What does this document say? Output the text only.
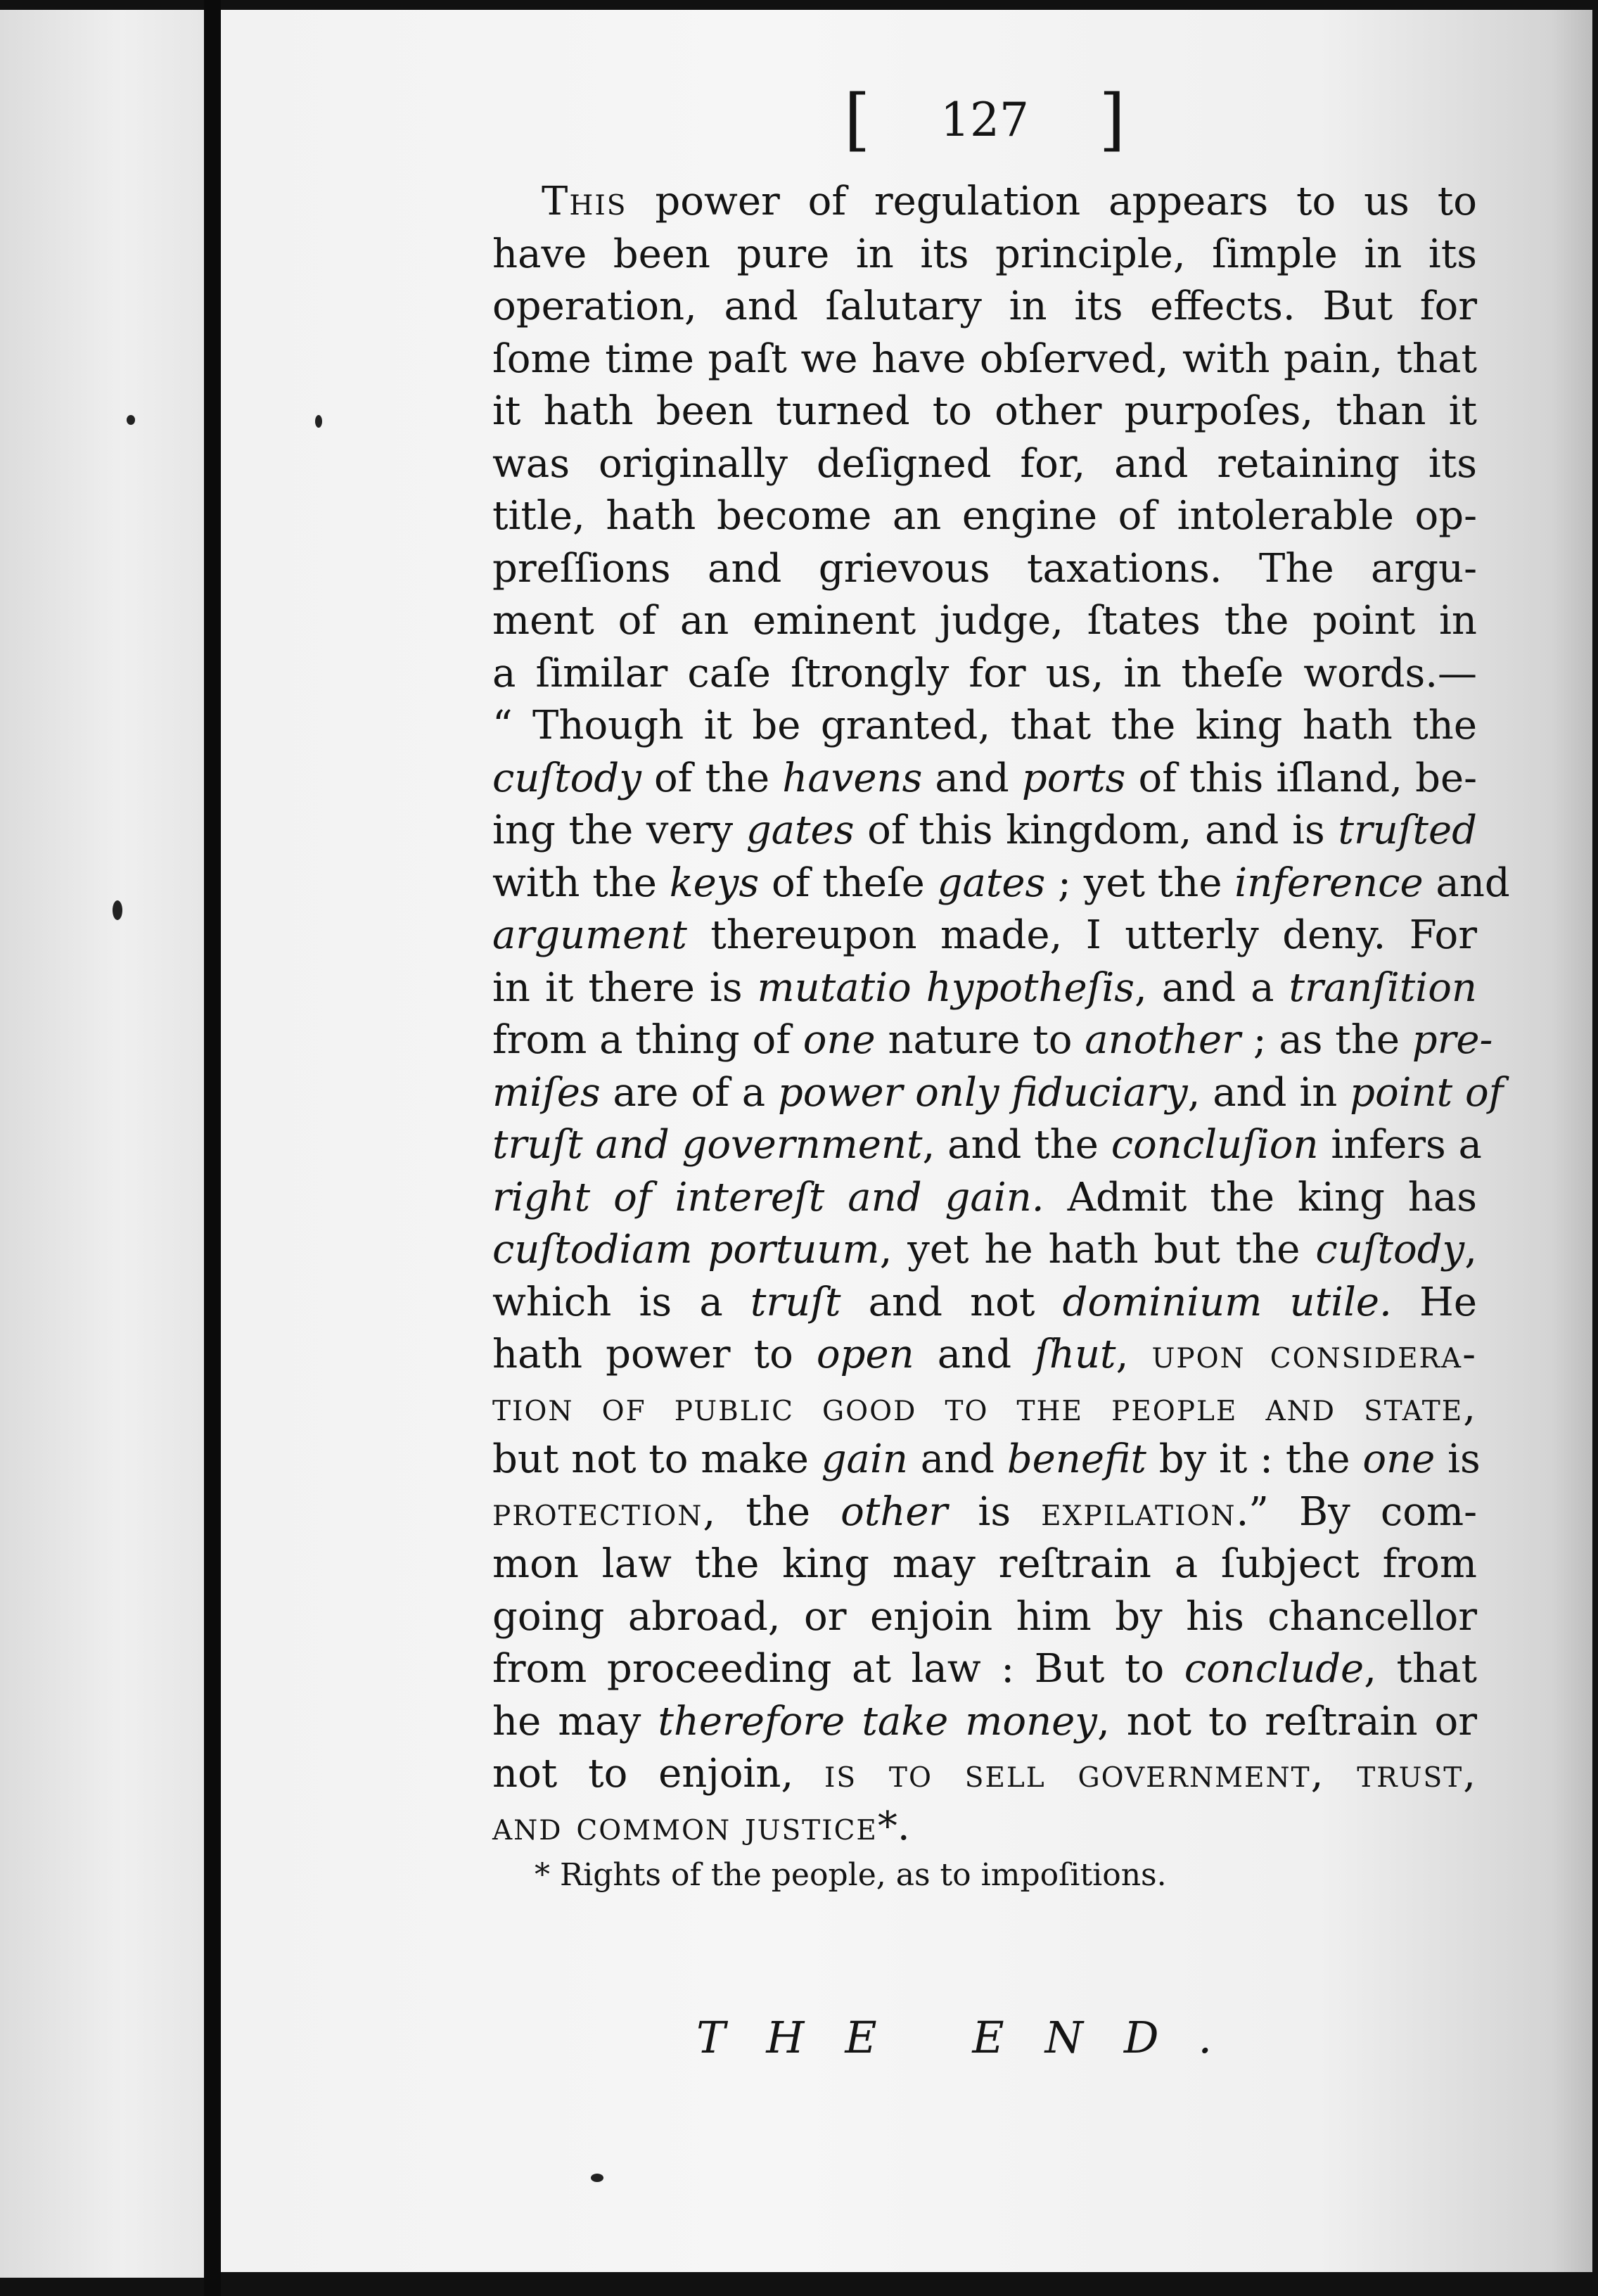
[ 127 ]
This power of regulation appears to us to
have been pure in its principle, ſimple in its
operation, and ſalutary in its effects. But for
ſome time paſt we have obſerved, with pain, that
it hath been turned to other purpoſes, than it
was originally deſigned for, and retaining its
title, hath become an engine of intolerable op-
preſſions and grievous taxations. The argu-
ment of an eminent judge, ſtates the point in
a ſimilar caſe ſtrongly for us, in theſe words.—
“ Though it be granted, that the king hath the
cuſtody of the havens and ports of this iſland, be-
ing the very gates of this kingdom, and is truſted
with the keys of theſe gates ; yet the inference and
argument thereupon made, I utterly deny. For
in it there is mutatio hypotheſis, and a tranſition
from a thing of one nature to another ; as the pre-
miſes are of a power only fiduciary, and in point of
truſt and government, and the concluſion infers a
right of intereſt and gain. Admit the king has
cuſtodiam portuum, yet he hath but the cuſtody,
which is a truſt and not dominium utile. He
hath power to open and ſhut, upon considera-
tion of public good to the people and state,
but not to make gain and benefit by it : the one is
protection, the other is expilation.” By com-
mon law the king may reſtrain a ſubject from
going abroad, or enjoin him by his chancellor
from proceeding at law : But to conclude, that
he may therefore take money, not to reſtrain or
not to enjoin, is to sell government, trust,
and common justice*.
* Rights of the people, as to impoſitions.
THE END.
